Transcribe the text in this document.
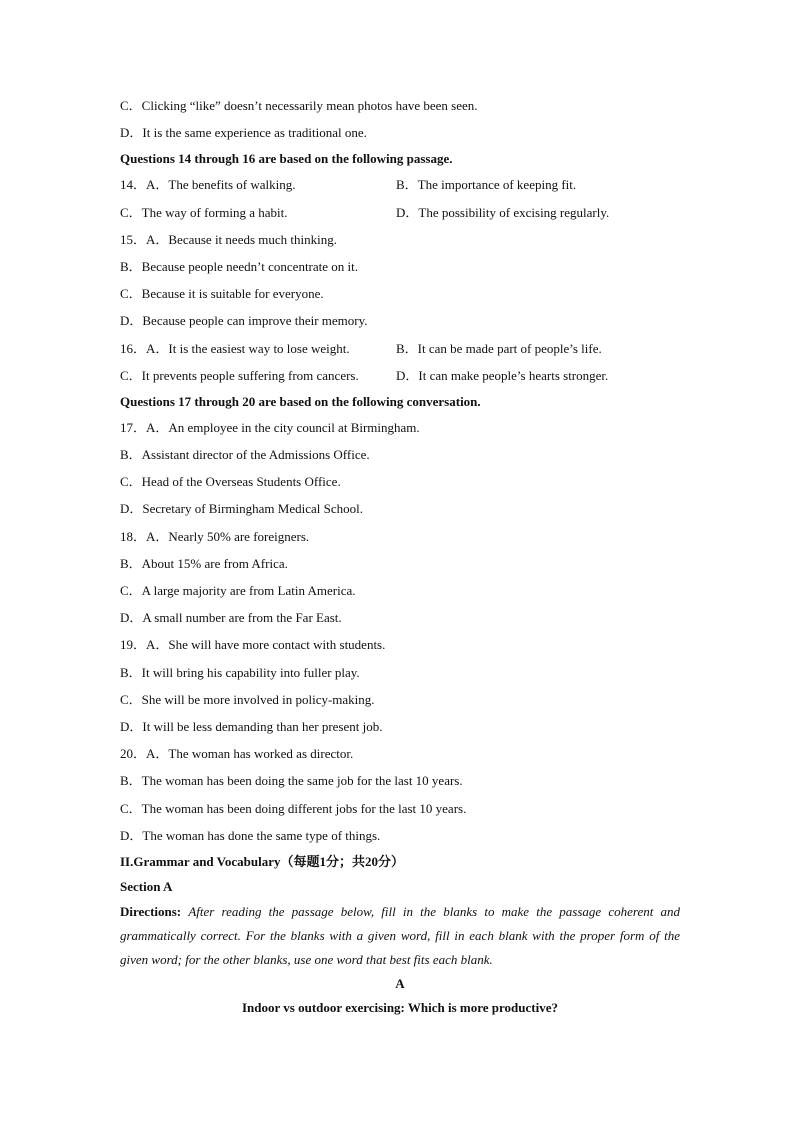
C．Clicking “like” doesn’t necessarily mean photos have been seen.
D．It is the same experience as traditional one.
Questions 14 through 16 are based on the following passage.
14．A．The benefits of walking.	B．The importance of keeping fit.
C．The way of forming a habit.	D．The possibility of excising regularly.
15．A．Because it needs much thinking.
B．Because people needn’t concentrate on it.
C．Because it is suitable for everyone.
D．Because people can improve their memory.
16．A．It is the easiest way to lose weight.	B．It can be made part of people’s life.
C．It prevents people suffering from cancers.	D．It can make people’s hearts stronger.
Questions 17 through 20 are based on the following conversation.
17．A．An employee in the city council at Birmingham.
B．Assistant director of the Admissions Office.
C．Head of the Overseas Students Office.
D．Secretary of Birmingham Medical School.
18．A．Nearly 50% are foreigners.
B．About 15% are from Africa.
C．A large majority are from Latin America.
D．A small number are from the Far East.
19．A．She will have more contact with students.
B．It will bring his capability into fuller play.
C．She will be more involved in policy-making.
D．It will be less demanding than her present job.
20．A．The woman has worked as director.
B．The woman has been doing the same job for the last 10 years.
C．The woman has been doing different jobs for the last 10 years.
D．The woman has done the same type of things.
II.Grammar and Vocabulary（每题1分；共20分）
Section A
Directions: After reading the passage below, fill in the blanks to make the passage coherent and grammatically correct. For the blanks with a given word, fill in each blank with the proper form of the given word; for the other blanks, use one word that best fits each blank.
A
Indoor vs outdoor exercising: Which is more productive?
